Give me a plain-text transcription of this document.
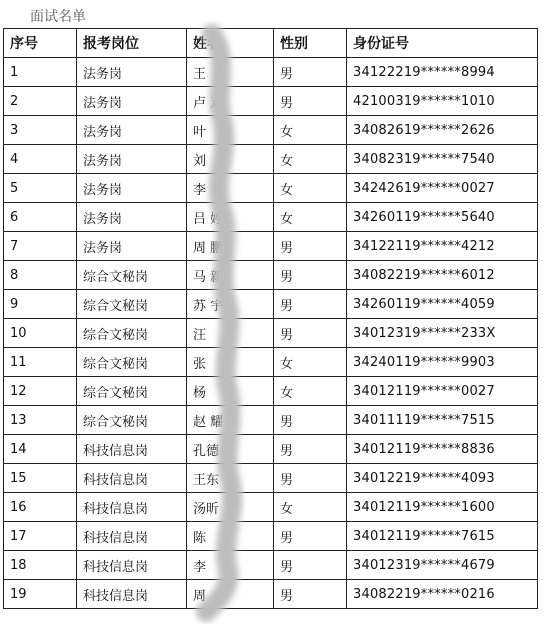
面试名单
序号	报考岗位	姓名	性别	身份证号
1	法务岗	王	男	34122219******8994
2	法务岗	卢 双	男	42100319******1010
3	法务岗	叶	女	34082619******2626
4	法务岗	刘	女	34082319******7540
5	法务岗	李	女	34242619******0027
6	法务岗	吕 婷	女	34260119******5640
7	法务岗	周 鹏	男	34122119******4212
8	综合文秘岗	马 新	男	34082219******6012
9	综合文秘岗	苏 宇	男	34260119******4059
10	综合文秘岗	汪	男	34012319******233X
11	综合文秘岗	张	女	34240119******9903
12	综合文秘岗	杨	女	34012119******0027
13	综合文秘岗	赵 耀	男	34011119******7515
14	科技信息岗	孔德	男	34012119******8836
15	科技信息岗	王东	男	34012219******4093
16	科技信息岗	汤昕	女	34012119******1600
17	科技信息岗	陈	男	34012119******7615
18	科技信息岗	李	男	34012319******4679
19	科技信息岗	周	男	34082219******0216
